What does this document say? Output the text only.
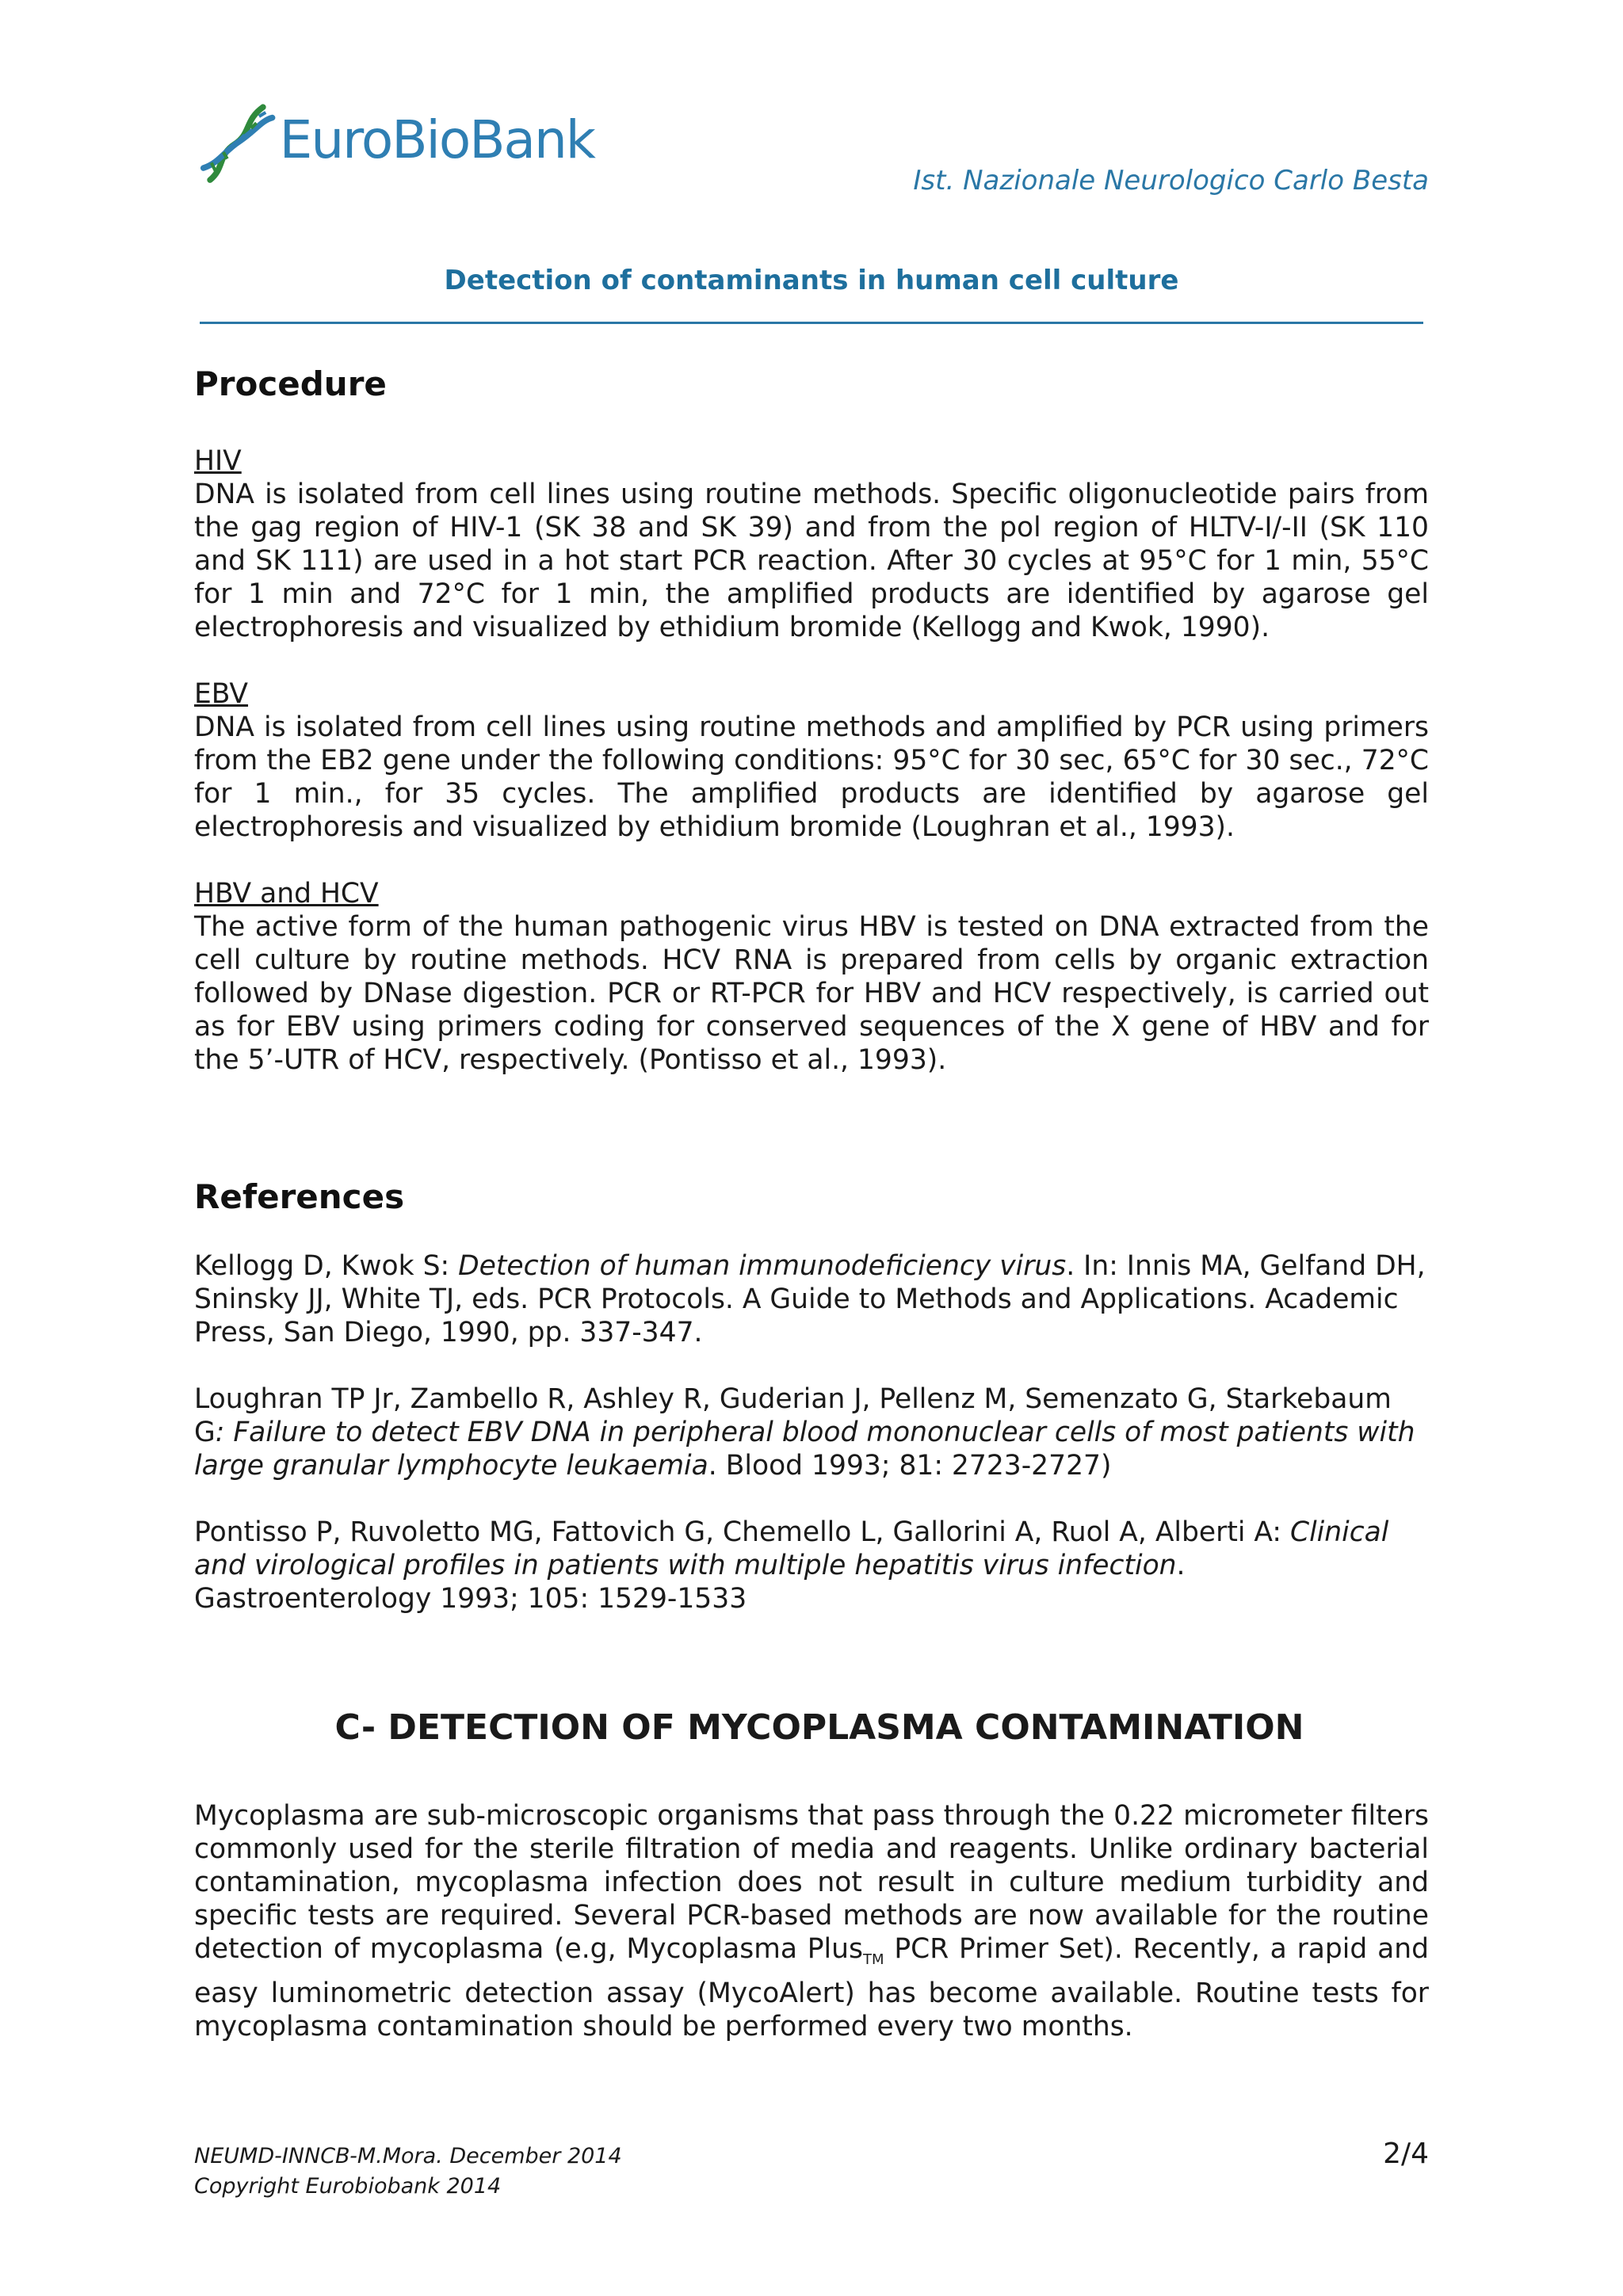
EuroBioBank
Ist. Nazionale Neurologico Carlo Besta
Detection of contaminants in human cell culture
Procedure
HIV

DNA is isolated from cell lines using routine methods. Specific oligonucleotide pairs from the gag region of HIV-1 (SK 38 and SK 39) and from the pol region of HLTV-I/-II (SK 110 and SK 111) are used in a hot start PCR reaction. After 30 cycles at 95°C for 1 min, 55°C for 1 min and 72°C for 1 min, the amplified products are identified by agarose gel electrophoresis and visualized by ethidium bromide (Kellogg and Kwok, 1990).

EBV

DNA is isolated from cell lines using routine methods and amplified by PCR using primers from the EB2 gene under the following conditions: 95°C for 30 sec, 65°C for 30 sec., 72°C for 1 min., for 35 cycles. The amplified products are identified by agarose gel electrophoresis and visualized by ethidium bromide (Loughran et al., 1993).

HBV and HCV

The active form of the human pathogenic virus HBV is tested on DNA extracted from the cell culture by routine methods. HCV RNA is prepared from cells by organic extraction followed by DNase digestion. PCR or RT-PCR for HBV and HCV respectively, is carried out as for EBV using primers coding for conserved sequences of the X gene of HBV and for the 5’-UTR of HCV, respectively. (Pontisso et al., 1993).

References

Kellogg D, Kwok S: Detection of human immunodeficiency virus. In: Innis MA, Gelfand DH, Sninsky JJ, White TJ, eds. PCR Protocols. A Guide to Methods and Applications. Academic Press, San Diego, 1990, pp. 337-347.

Loughran TP Jr, Zambello R, Ashley R, Guderian J, Pellenz M, Semenzato G, Starkebaum G: Failure to detect EBV DNA in peripheral blood mononuclear cells of most patients with large granular lymphocyte leukaemia. Blood 1993; 81: 2723-2727)

Pontisso P, Ruvoletto MG, Fattovich G, Chemello L, Gallorini A, Ruol A, Alberti A: Clinical and virological profiles in patients with multiple hepatitis virus infection. Gastroenterology 1993; 105: 1529-1533

C- DETECTION OF MYCOPLASMA CONTAMINATION

Mycoplasma are sub-microscopic organisms that pass through the 0.22 micrometer filters commonly used for the sterile filtration of media and reagents. Unlike ordinary bacterial contamination, mycoplasma infection does not result in culture medium turbidity and specific tests are required. Several PCR-based methods are now available for the routine detection of mycoplasma (e.g, Mycoplasma Plus$_{TM}$ PCR Primer Set). Recently, a rapid and easy luminometric detection assay (MycoAlert) has become available. Routine tests for mycoplasma contamination should be performed every two months.

NEUMD-INNCB-M.Mora. December 2014
Copyright Eurobiobank 2014
2/4
